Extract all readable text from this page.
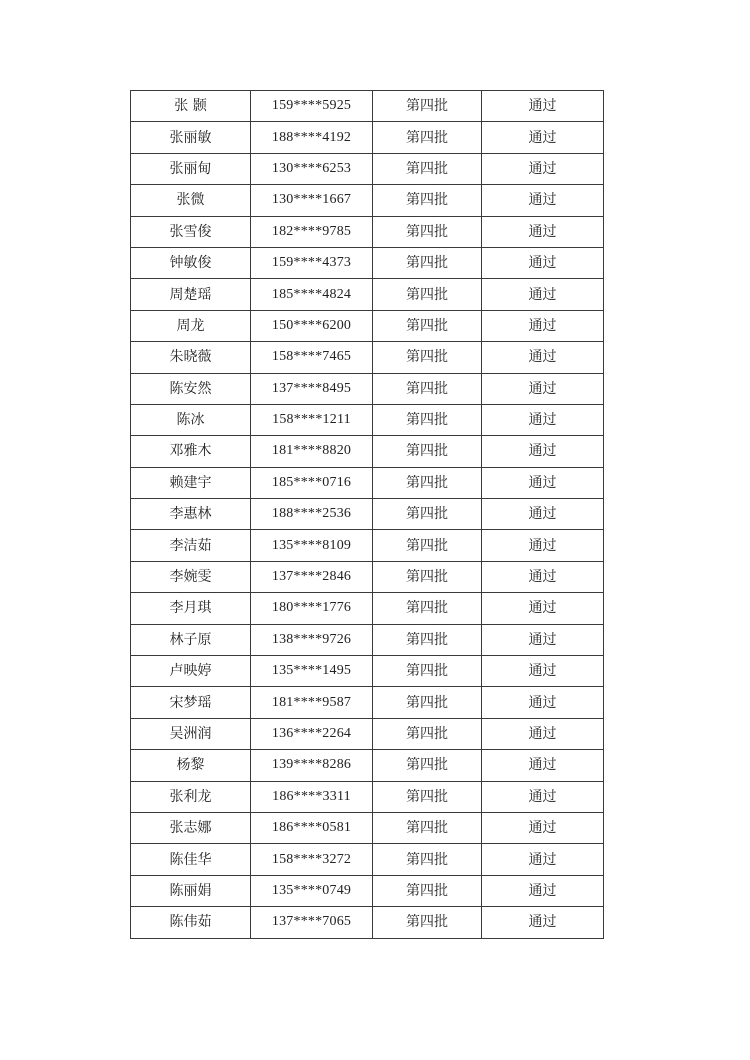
张 颢	159****5925	第四批	通过
张丽敏	188****4192	第四批	通过
张丽甸	130****6253	第四批	通过
张微	130****1667	第四批	通过
张雪俊	182****9785	第四批	通过
钟敏俊	159****4373	第四批	通过
周楚瑶	185****4824	第四批	通过
周龙	150****6200	第四批	通过
朱晓薇	158****7465	第四批	通过
陈安然	137****8495	第四批	通过
陈冰	158****1211	第四批	通过
邓雅木	181****8820	第四批	通过
赖建宇	185****0716	第四批	通过
李惠林	188****2536	第四批	通过
李洁茹	135****8109	第四批	通过
李婉雯	137****2846	第四批	通过
李月琪	180****1776	第四批	通过
林子原	138****9726	第四批	通过
卢映婷	135****1495	第四批	通过
宋梦瑶	181****9587	第四批	通过
吴洲润	136****2264	第四批	通过
杨黎	139****8286	第四批	通过
张利龙	186****3311	第四批	通过
张志娜	186****0581	第四批	通过
陈佳华	158****3272	第四批	通过
陈丽娟	135****0749	第四批	通过
陈伟茹	137****7065	第四批	通过
